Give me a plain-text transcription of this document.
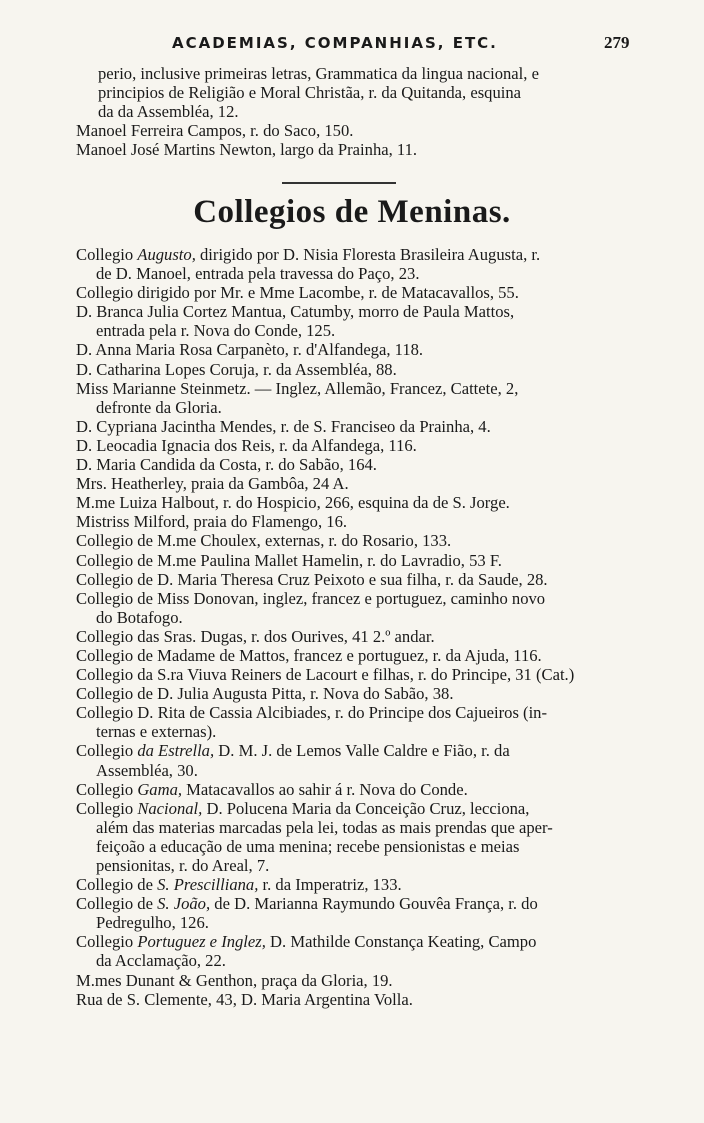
ACADEMIAS, COMPANHIAS, ETC.	279
perio, inclusive primeiras letras, Grammatica da lingua nacional, e
principios de Religião e Moral Christãa, r. da Quitanda, esquina
da da Assembléa, 12.
Manoel Ferreira Campos, r. do Saco, 150.
Manoel José Martins Newton, largo da Prainha, 11.
Collegios de Meninas.
Collegio Augusto, dirigido por D. Nisia Floresta Brasileira Augusta, r.
de D. Manoel, entrada pela travessa do Paço, 23.
Collegio dirigido por Mr. e Mme Lacombe, r. de Matacavallos, 55.
D. Branca Julia Cortez Mantua, Catumby, morro de Paula Mattos,
entrada pela r. Nova do Conde, 125.
D. Anna Maria Rosa Carpanèto, r. d'Alfandega, 118.
D. Catharina Lopes Coruja, r. da Assembléa, 88.
Miss Marianne Steinmetz. — Inglez, Allemão, Francez, Cattete, 2,
defronte da Gloria.
D. Cypriana Jacintha Mendes, r. de S. Franciseo da Prainha, 4.
D. Leocadia Ignacia dos Reis, r. da Alfandega, 116.
D. Maria Candida da Costa, r. do Sabão, 164.
Mrs. Heatherley, praia da Gambôa, 24 A.
M.me Luiza Halbout, r. do Hospicio, 266, esquina da de S. Jorge.
Mistriss Milford, praia do Flamengo, 16.
Collegio de M.me Choulex, externas, r. do Rosario, 133.
Collegio de M.me Paulina Mallet Hamelin, r. do Lavradio, 53 F.
Collegio de D. Maria Theresa Cruz Peixoto e sua filha, r. da Saude, 28.
Collegio de Miss Donovan, inglez, francez e portuguez, caminho novo
do Botafogo.
Collegio das Sras. Dugas, r. dos Ourives, 41 2.º andar.
Collegio de Madame de Mattos, francez e portuguez, r. da Ajuda, 116.
Collegio da S.ra Viuva Reiners de Lacourt e filhas, r. do Principe, 31 (Cat.)
Collegio de D. Julia Augusta Pitta, r. Nova do Sabão, 38.
Collegio D. Rita de Cassia Alcibiades, r. do Principe dos Cajueiros (in-
ternas e externas).
Collegio da Estrella, D. M. J. de Lemos Valle Caldre e Fião, r. da
Assembléa, 30.
Collegio Gama, Matacavallos ao sahir á r. Nova do Conde.
Collegio Nacional, D. Polucena Maria da Conceição Cruz, lecciona,
além das materias marcadas pela lei, todas as mais prendas que aper-
feiçoão a educação de uma menina; recebe pensionistas e meias
pensionitas, r. do Areal, 7.
Collegio de S. Prescilliana, r. da Imperatriz, 133.
Collegio de S. João, de D. Marianna Raymundo Gouvêa França, r. do
Pedregulho, 126.
Collegio Portuguez e Inglez, D. Mathilde Constança Keating, Campo
da Acclamação, 22.
M.mes Dunant & Genthon, praça da Gloria, 19.
Rua de S. Clemente, 43, D. Maria Argentina Volla.
